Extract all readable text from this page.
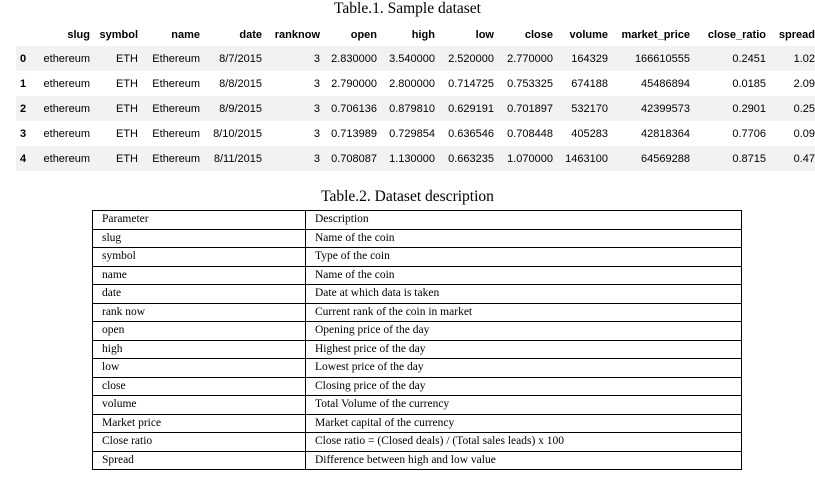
Table.1. Sample dataset
	slug	symbol	name	date	ranknow	open	high	low	close	volume	market_price	close_ratio	spread
0	ethereum	ETH	Ethereum	8/7/2015	3	2.830000	3.540000	2.520000	2.770000	164329	166610555	0.2451	1.02
1	ethereum	ETH	Ethereum	8/8/2015	3	2.790000	2.800000	0.714725	0.753325	674188	45486894	0.0185	2.09
2	ethereum	ETH	Ethereum	8/9/2015	3	0.706136	0.879810	0.629191	0.701897	532170	42399573	0.2901	0.25
3	ethereum	ETH	Ethereum	8/10/2015	3	0.713989	0.729854	0.636546	0.708448	405283	42818364	0.7706	0.09
4	ethereum	ETH	Ethereum	8/11/2015	3	0.708087	1.130000	0.663235	1.070000	1463100	64569288	0.8715	0.47
Table.2. Dataset description
Parameter	Description
slug	Name of the coin
symbol	Type of the coin
name	Name of the coin
date	Date at which data is taken
rank now	Current rank of the coin in market
open	Opening price of the day
high	Highest price of the day
low	Lowest price of the day
close	Closing price of the day
volume	Total Volume of the currency
Market price	Market capital of the currency
Close ratio	Close ratio = (Closed deals) / (Total sales leads) x 100
Spread	Difference between high and low value
